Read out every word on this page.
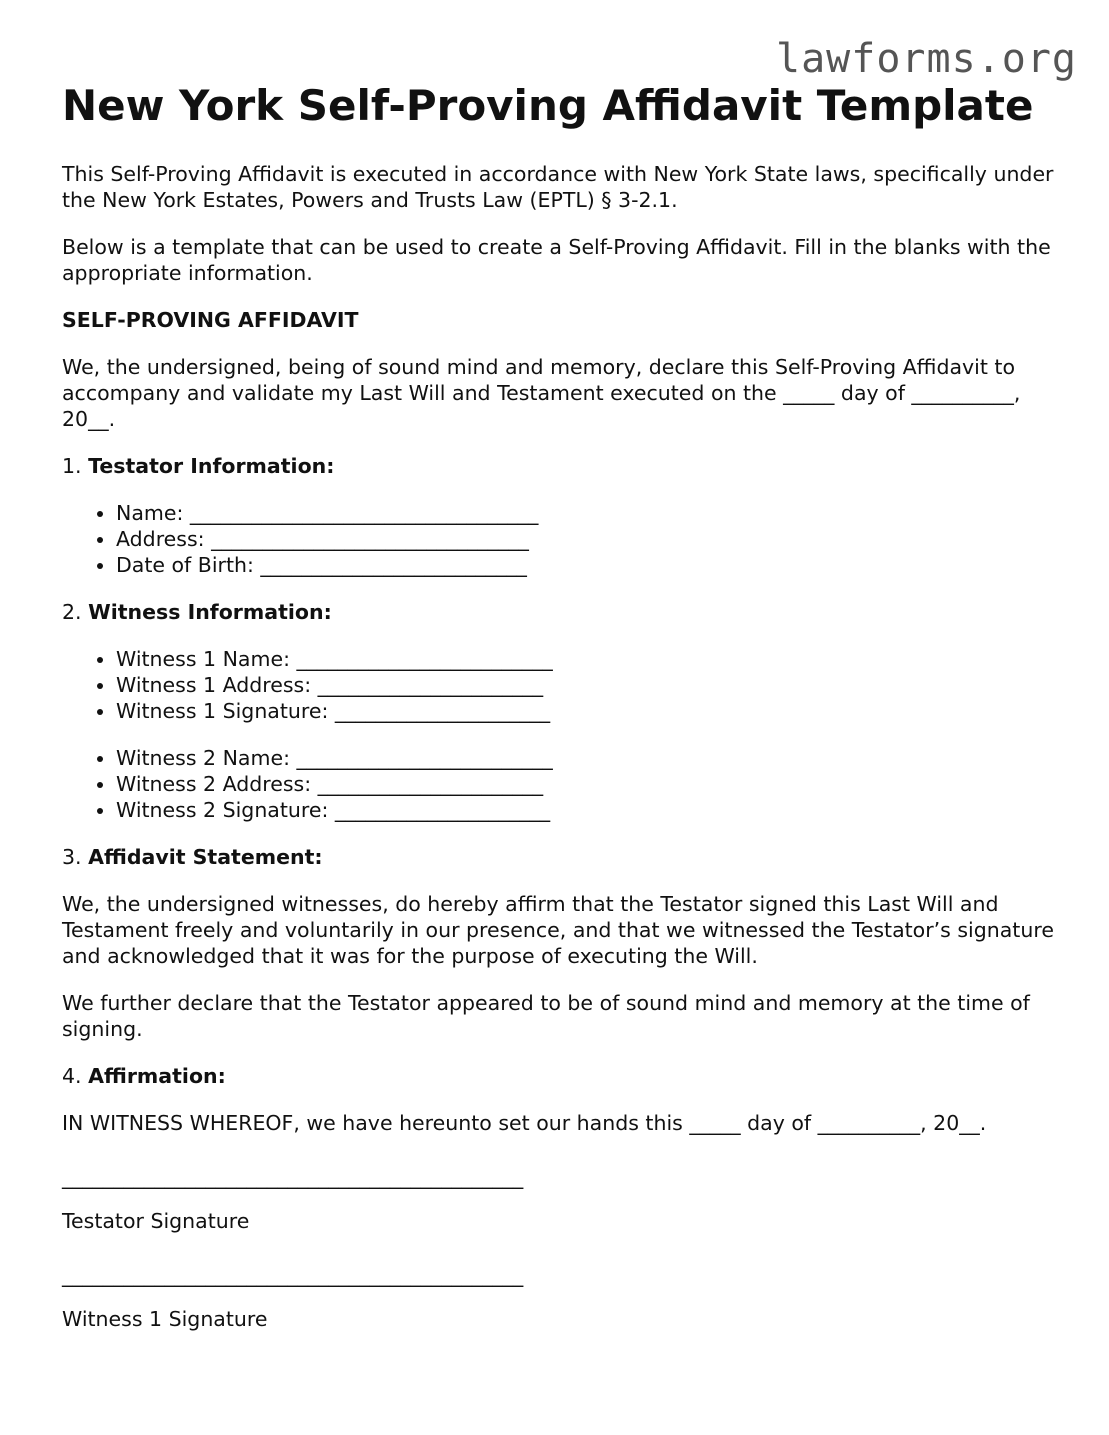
lawforms.org
New York Self-Proving Affidavit Template

This Self-Proving Affidavit is executed in accordance with New York State laws, specifically under the New York Estates, Powers and Trusts Law (EPTL) § 3-2.1.

Below is a template that can be used to create a Self-Proving Affidavit. Fill in the blanks with the appropriate information.

SELF-PROVING AFFIDAVIT

We, the undersigned, being of sound mind and memory, declare this Self-Proving Affidavit to accompany and validate my Last Will and Testament executed on the _____ day of __________, 20__.

1. Testator Information:

• Name: __________________________________
• Address: _______________________________
• Date of Birth: __________________________

2. Witness Information:

• Witness 1 Name: _________________________
• Witness 1 Address: ______________________
• Witness 1 Signature: _____________________
• Witness 2 Name: _________________________
• Witness 2 Address: ______________________
• Witness 2 Signature: _____________________

3. Affidavit Statement:

We, the undersigned witnesses, do hereby affirm that the Testator signed this Last Will and Testament freely and voluntarily in our presence, and that we witnessed the Testator’s signature and acknowledged that it was for the purpose of executing the Will.

We further declare that the Testator appeared to be of sound mind and memory at the time of signing.

4. Affirmation:

IN WITNESS WHEREOF, we have hereunto set our hands this _____ day of __________, 20__.

_____________________________________________

Testator Signature

_____________________________________________

Witness 1 Signature
